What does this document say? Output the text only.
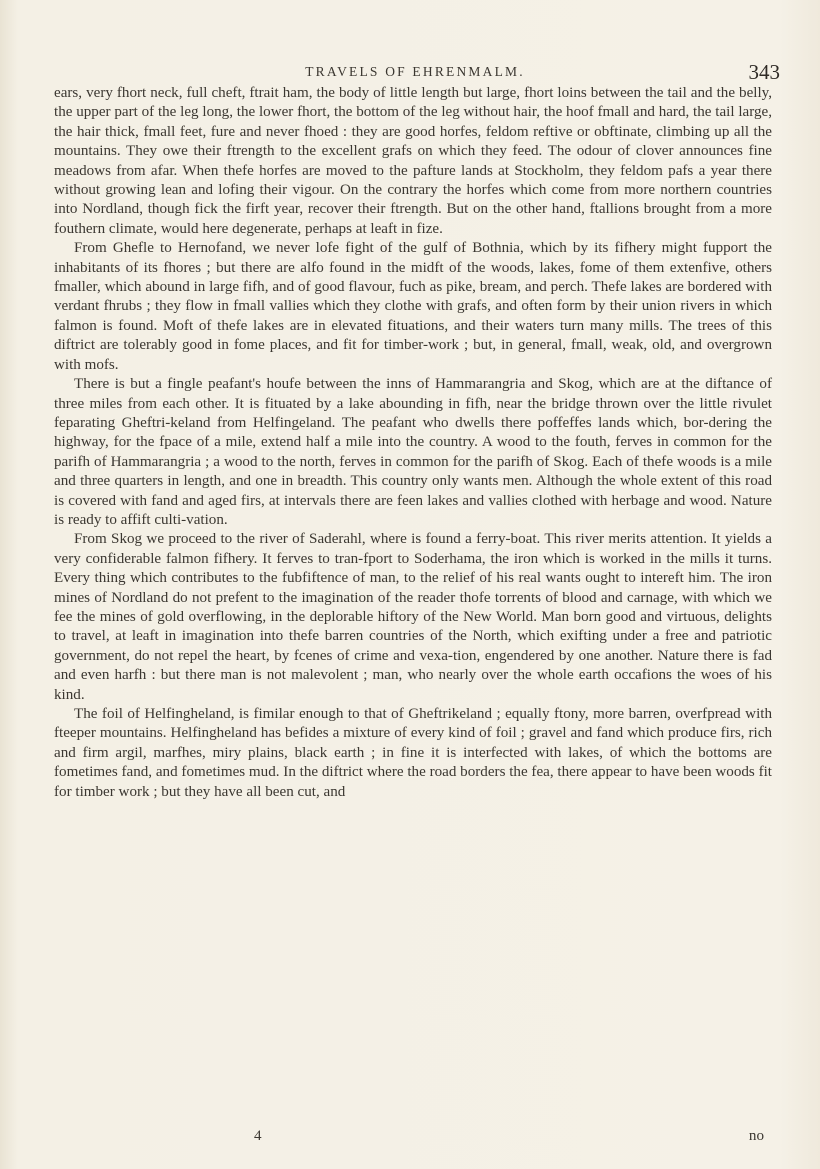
TRAVELS OF EHRENMALM.	343

ears, very fhort neck, full cheft, ftrait ham, the body of little length but large, fhort loins between the tail and the belly, the upper part of the leg long, the lower fhort, the bottom of the leg without hair, the hoof fmall and hard, the tail large, the hair thick, fmall feet, fure and never fhoed : they are good horfes, feldom reftive or obftinate, climbing up all the mountains. They owe their ftrength to the excellent grafs on which they feed. The odour of clover announces fine meadows from afar. When thefe horfes are moved to the pafture lands at Stockholm, they feldom pafs a year there without growing lean and lofing their vigour. On the contrary the horfes which come from more northern countries into Nordland, though fick the firft year, recover their ftrength. But on the other hand, ftallions brought from a more fouthern climate, would here degenerate, perhaps at leaft in fize.

From Ghefle to Hernofand, we never lofe fight of the gulf of Bothnia, which by its fifhery might fupport the inhabitants of its fhores ; but there are alfo found in the midft of the woods, lakes, fome of them extenfive, others fmaller, which abound in large fifh, and of good flavour, fuch as pike, bream, and perch. Thefe lakes are bordered with verdant fhrubs ; they flow in fmall vallies which they clothe with grafs, and often form by their union rivers in which falmon is found. Moft of thefe lakes are in elevated fituations, and their waters turn many mills. The trees of this diftrict are tolerably good in fome places, and fit for timber-work ; but, in general, fmall, weak, old, and overgrown with mofs.

There is but a fingle peafant's houfe between the inns of Hammarangria and Skog, which are at the diftance of three miles from each other. It is fituated by a lake abounding in fifh, near the bridge thrown over the little rivulet feparating Gheftri-keland from Helfingeland. The peafant who dwells there poffeffes lands which, bor-dering the highway, for the fpace of a mile, extend half a mile into the country. A wood to the fouth, ferves in common for the parifh of Hammarangria ; a wood to the north, ferves in common for the parifh of Skog. Each of thefe woods is a mile and three quarters in length, and one in breadth. This country only wants men. Although the whole extent of this road is covered with fand and aged firs, at intervals there are feen lakes and vallies clothed with herbage and wood. Nature is ready to affift culti-vation.

From Skog we proceed to the river of Saderahl, where is found a ferry-boat. This river merits attention. It yields a very confiderable falmon fifhery. It ferves to tran-fport to Soderhama, the iron which is worked in the mills it turns. Every thing which contributes to the fubfiftence of man, to the relief of his real wants ought to intereft him. The iron mines of Nordland do not prefent to the imagination of the reader thofe torrents of blood and carnage, with which we fee the mines of gold overflowing, in the deplorable hiftory of the New World. Man born good and virtuous, delights to travel, at leaft in imagination into thefe barren countries of the North, which exifting under a free and patriotic government, do not repel the heart, by fcenes of crime and vexa-tion, engendered by one another. Nature there is fad and even harfh : but there man is not malevolent ; man, who nearly over the whole earth occafions the woes of his kind.

The foil of Helfingheland, is fimilar enough to that of Gheftrikeland ; equally ftony, more barren, overfpread with fteeper mountains. Helfingheland has befides a mixture of every kind of foil ; gravel and fand which produce firs, rich and firm argil, marfhes, miry plains, black earth ; in fine it is interfected with lakes, of which the bottoms are fometimes fand, and fometimes mud. In the diftrict where the road borders the fea, there appear to have been woods fit for timber work ; but they have all been cut, and

4	no
